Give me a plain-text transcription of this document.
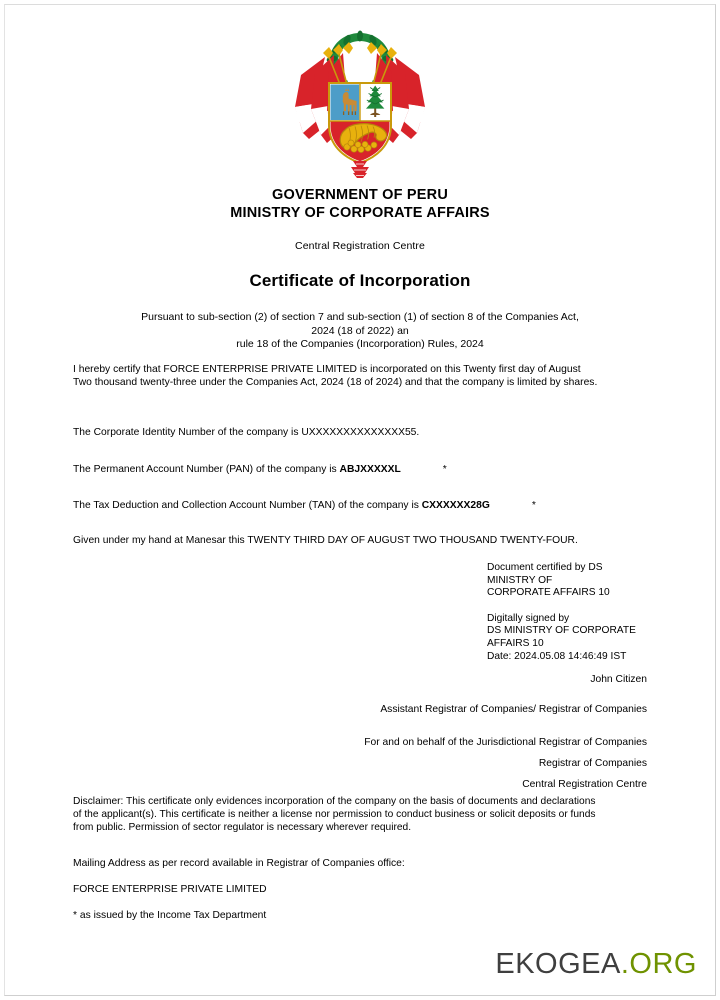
GOVERNMENT OF PERU
MINISTRY OF CORPORATE AFFAIRS
Central Registration Centre
Certificate of Incorporation
Pursuant to sub-section (2) of section 7 and sub-section (1) of section 8 of the Companies Act,
2024 (18 of 2022) an
rule 18 of the Companies (Incorporation) Rules, 2024
I hereby certify that FORCE ENTERPRISE PRIVATE LIMITED is incorporated on this Twenty first day of August
Two thousand twenty-three under the Companies Act, 2024 (18 of 2024) and that the company is limited by shares.
The Corporate Identity Number of the company is UXXXXXXXXXXXXXX55.
The Permanent Account Number (PAN) of the company is ABJXXXXXL	*
The Tax Deduction and Collection Account Number (TAN) of the company is CXXXXXX28G	*
Given under my hand at Manesar this TWENTY THIRD DAY OF AUGUST TWO THOUSAND TWENTY-FOUR.
Document certified by DS
MINISTRY OF
CORPORATE AFFAIRS 10
Digitally signed by
DS MINISTRY OF CORPORATE
AFFAIRS 10
Date: 2024.05.08 14:46:49 IST
John Citizen
Assistant Registrar of Companies/ Registrar of Companies
For and on behalf of the Jurisdictional Registrar of Companies
Registrar of Companies
Central Registration Centre
Disclaimer: This certificate only evidences incorporation of the company on the basis of documents and declarations
of the applicant(s). This certificate is neither a license nor permission to conduct business or solicit deposits or funds
from public. Permission of sector regulator is necessary wherever required.
Mailing Address as per record available in Registrar of Companies office:
FORCE ENTERPRISE PRIVATE LIMITED
* as issued by the Income Tax Department
EKOGEA.ORG
